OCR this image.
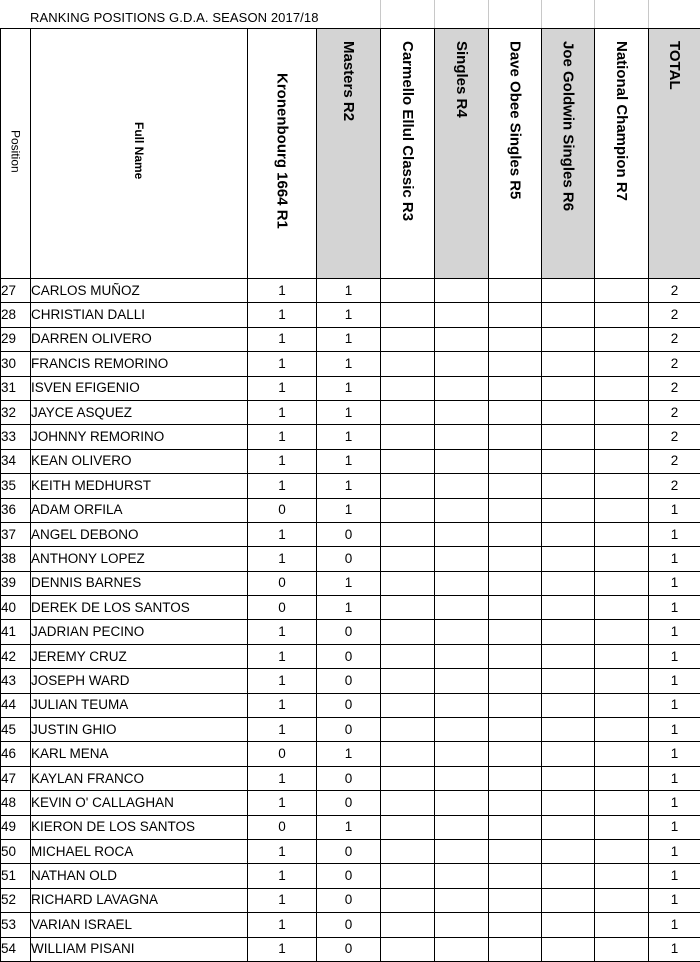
RANKING POSITIONS G.D.A. SEASON 2017/18
Position	Full Name	Kronenbourg 1664 R1	Masters R2	Carmello Ellul Classic R3	Singles R4	Dave Obee Singles R5	Joe Goldwin Singles R6	National Champion R7	TOTAL

27	CARLOS MUÑOZ	1	1						2
28	CHRISTIAN DALLI	1	1						2
29	DARREN OLIVERO	1	1						2
30	FRANCIS REMORINO	1	1						2
31	ISVEN EFIGENIO	1	1						2
32	JAYCE ASQUEZ	1	1						2
33	JOHNNY REMORINO	1	1						2
34	KEAN OLIVERO	1	1						2
35	KEITH MEDHURST	1	1						2
36	ADAM ORFILA	0	1						1
37	ANGEL DEBONO	1	0						1
38	ANTHONY LOPEZ	1	0						1
39	DENNIS BARNES	0	1						1
40	DEREK DE LOS SANTOS	0	1						1
41	JADRIAN PECINO	1	0						1
42	JEREMY CRUZ	1	0						1
43	JOSEPH WARD	1	0						1
44	JULIAN TEUMA	1	0						1
45	JUSTIN GHIO	1	0						1
46	KARL MENA	0	1						1
47	KAYLAN FRANCO	1	0						1
48	KEVIN O' CALLAGHAN	1	0						1
49	KIERON DE LOS SANTOS	0	1						1
50	MICHAEL ROCA	1	0						1
51	NATHAN OLD	1	0						1
52	RICHARD LAVAGNA	1	0						1
53	VARIAN ISRAEL	1	0						1
54	WILLIAM PISANI	1	0						1
